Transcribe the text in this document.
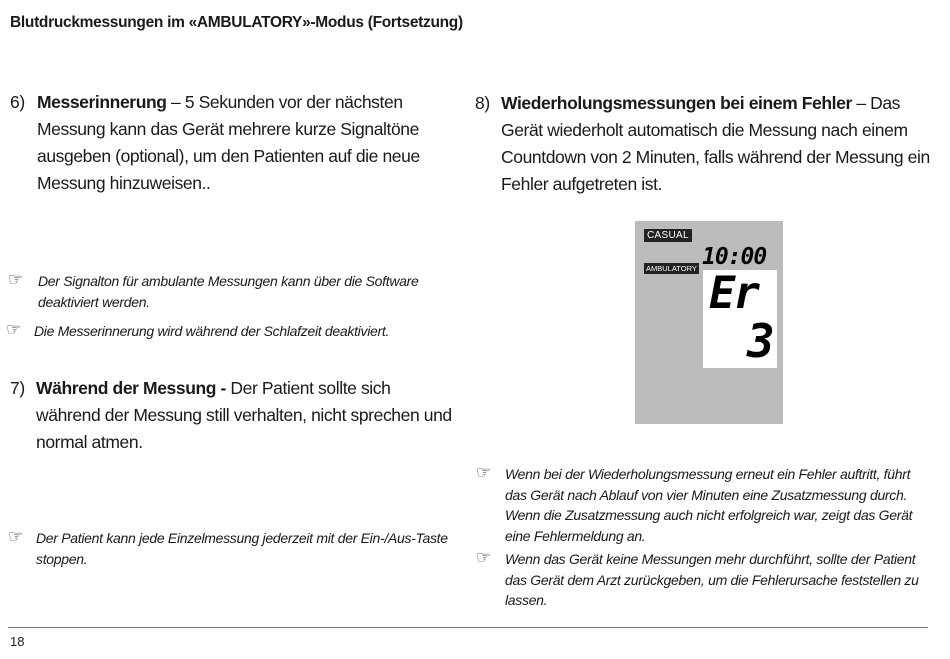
Blutdruckmessungen im «AMBULATORY»-Modus (Fortsetzung)
6) Messerinnerung – 5 Sekunden vor der nächsten Messung kann das Gerät mehrere kurze Signaltöne ausgeben (optional), um den Patienten auf die neue Messung hinzuweisen..
☞ Der Signalton für ambulante Messungen kann über die Software deaktiviert werden.
☞ Die Messerinnerung wird während der Schlafzeit deaktiviert.
7) Während der Messung - Der Patient sollte sich während der Messung still verhalten, nicht sprechen und normal atmen.
☞ Der Patient kann jede Einzelmessung jederzeit mit der Ein-/Aus-Taste stoppen.
8) Wiederholungsmessungen bei einem Fehler – Das Gerät wiederholt automatisch die Messung nach einem Countdown von 2 Minuten, falls während der Messung ein Fehler aufgetreten ist.
CASUAL
AMBULATORY 10:00
Er
3
☞ Wenn bei der Wiederholungsmessung erneut ein Fehler auftritt, führt das Gerät nach Ablauf von vier Minuten eine Zusatzmessung durch. Wenn die Zusatzmessung auch nicht erfolgreich war, zeigt das Gerät eine Fehlermeldung an.
☞ Wenn das Gerät keine Messungen mehr durchführt, sollte der Patient das Gerät dem Arzt zurückgeben, um die Fehlerursache feststellen zu lassen.
18
